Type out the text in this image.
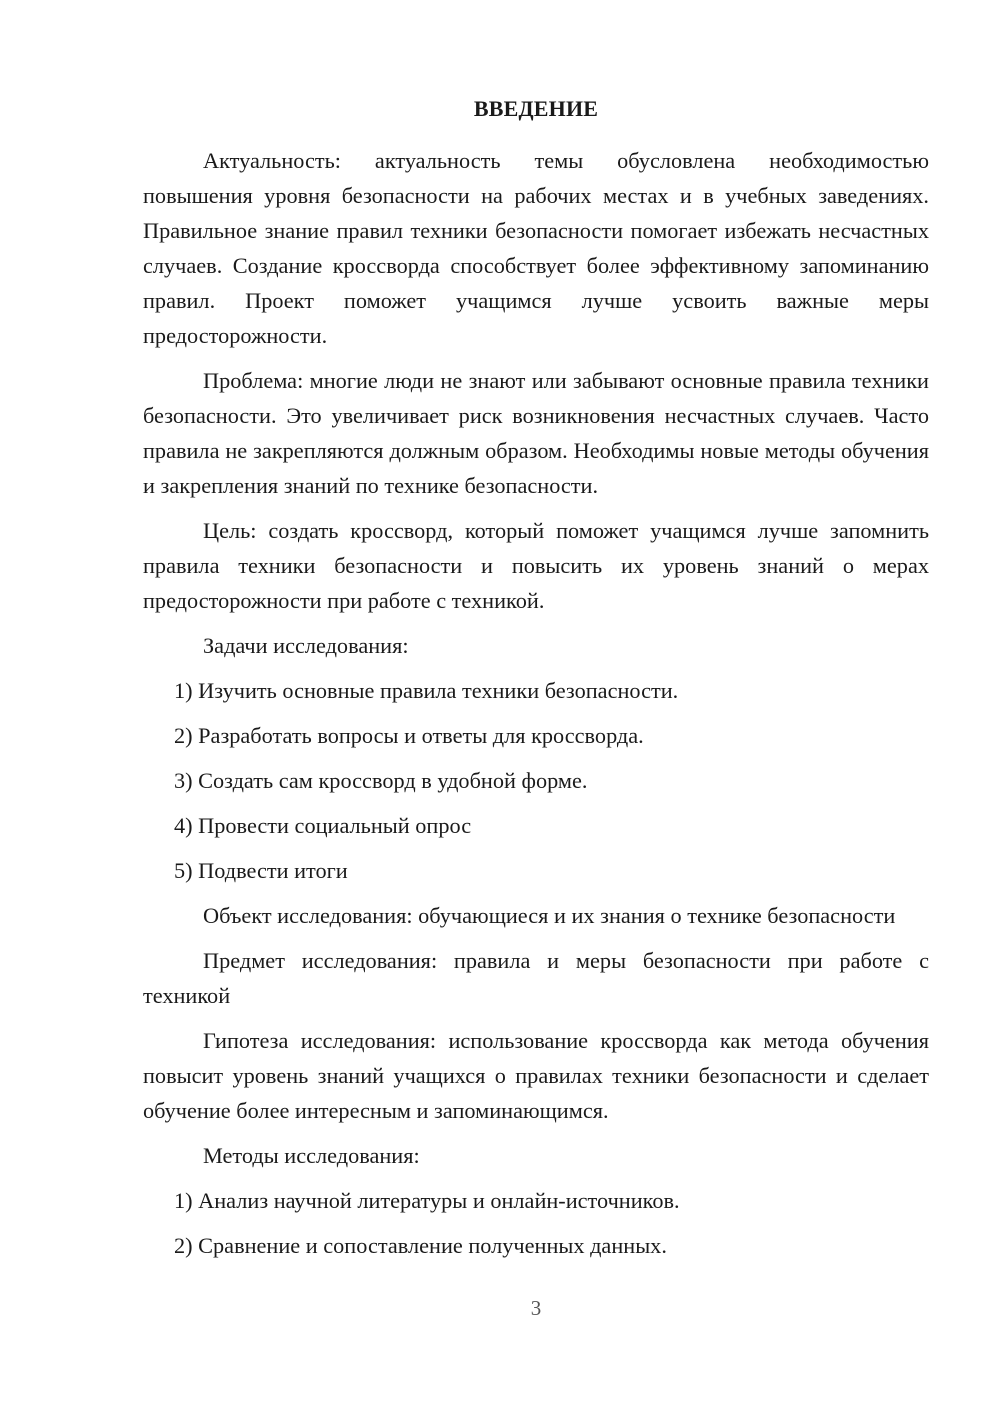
ВВЕДЕНИЕ

Актуальность: актуальность темы обусловлена необходимостью повышения уровня безопасности на рабочих местах и в учебных заведениях. Правильное знание правил техники безопасности помогает избежать несчастных случаев. Создание кроссворда способствует более эффективному запоминанию правил. Проект поможет учащимся лучше усвоить важные меры предосторожности.

Проблема: многие люди не знают или забывают основные правила техники безопасности. Это увеличивает риск возникновения несчастных случаев. Часто правила не закрепляются должным образом. Необходимы новые методы обучения и закрепления знаний по технике безопасности.

Цель: создать кроссворд, который поможет учащимся лучше запомнить правила техники безопасности и повысить их уровень знаний о мерах предосторожности при работе с техникой.

Задачи исследования:

1) Изучить основные правила техники безопасности.

2) Разработать вопросы и ответы для кроссворда.

3) Создать сам кроссворд в удобной форме.

4) Провести социальный опрос

5) Подвести итоги

Объект исследования: обучающиеся и их знания о технике безопасности

Предмет исследования: правила и меры безопасности при работе с техникой

Гипотеза исследования: использование кроссворда как метода обучения повысит уровень знаний учащихся о правилах техники безопасности и сделает обучение более интересным и запоминающимся.

Методы исследования:

1) Анализ научной литературы и онлайн-источников.

2) Сравнение и сопоставление полученных данных.

3
